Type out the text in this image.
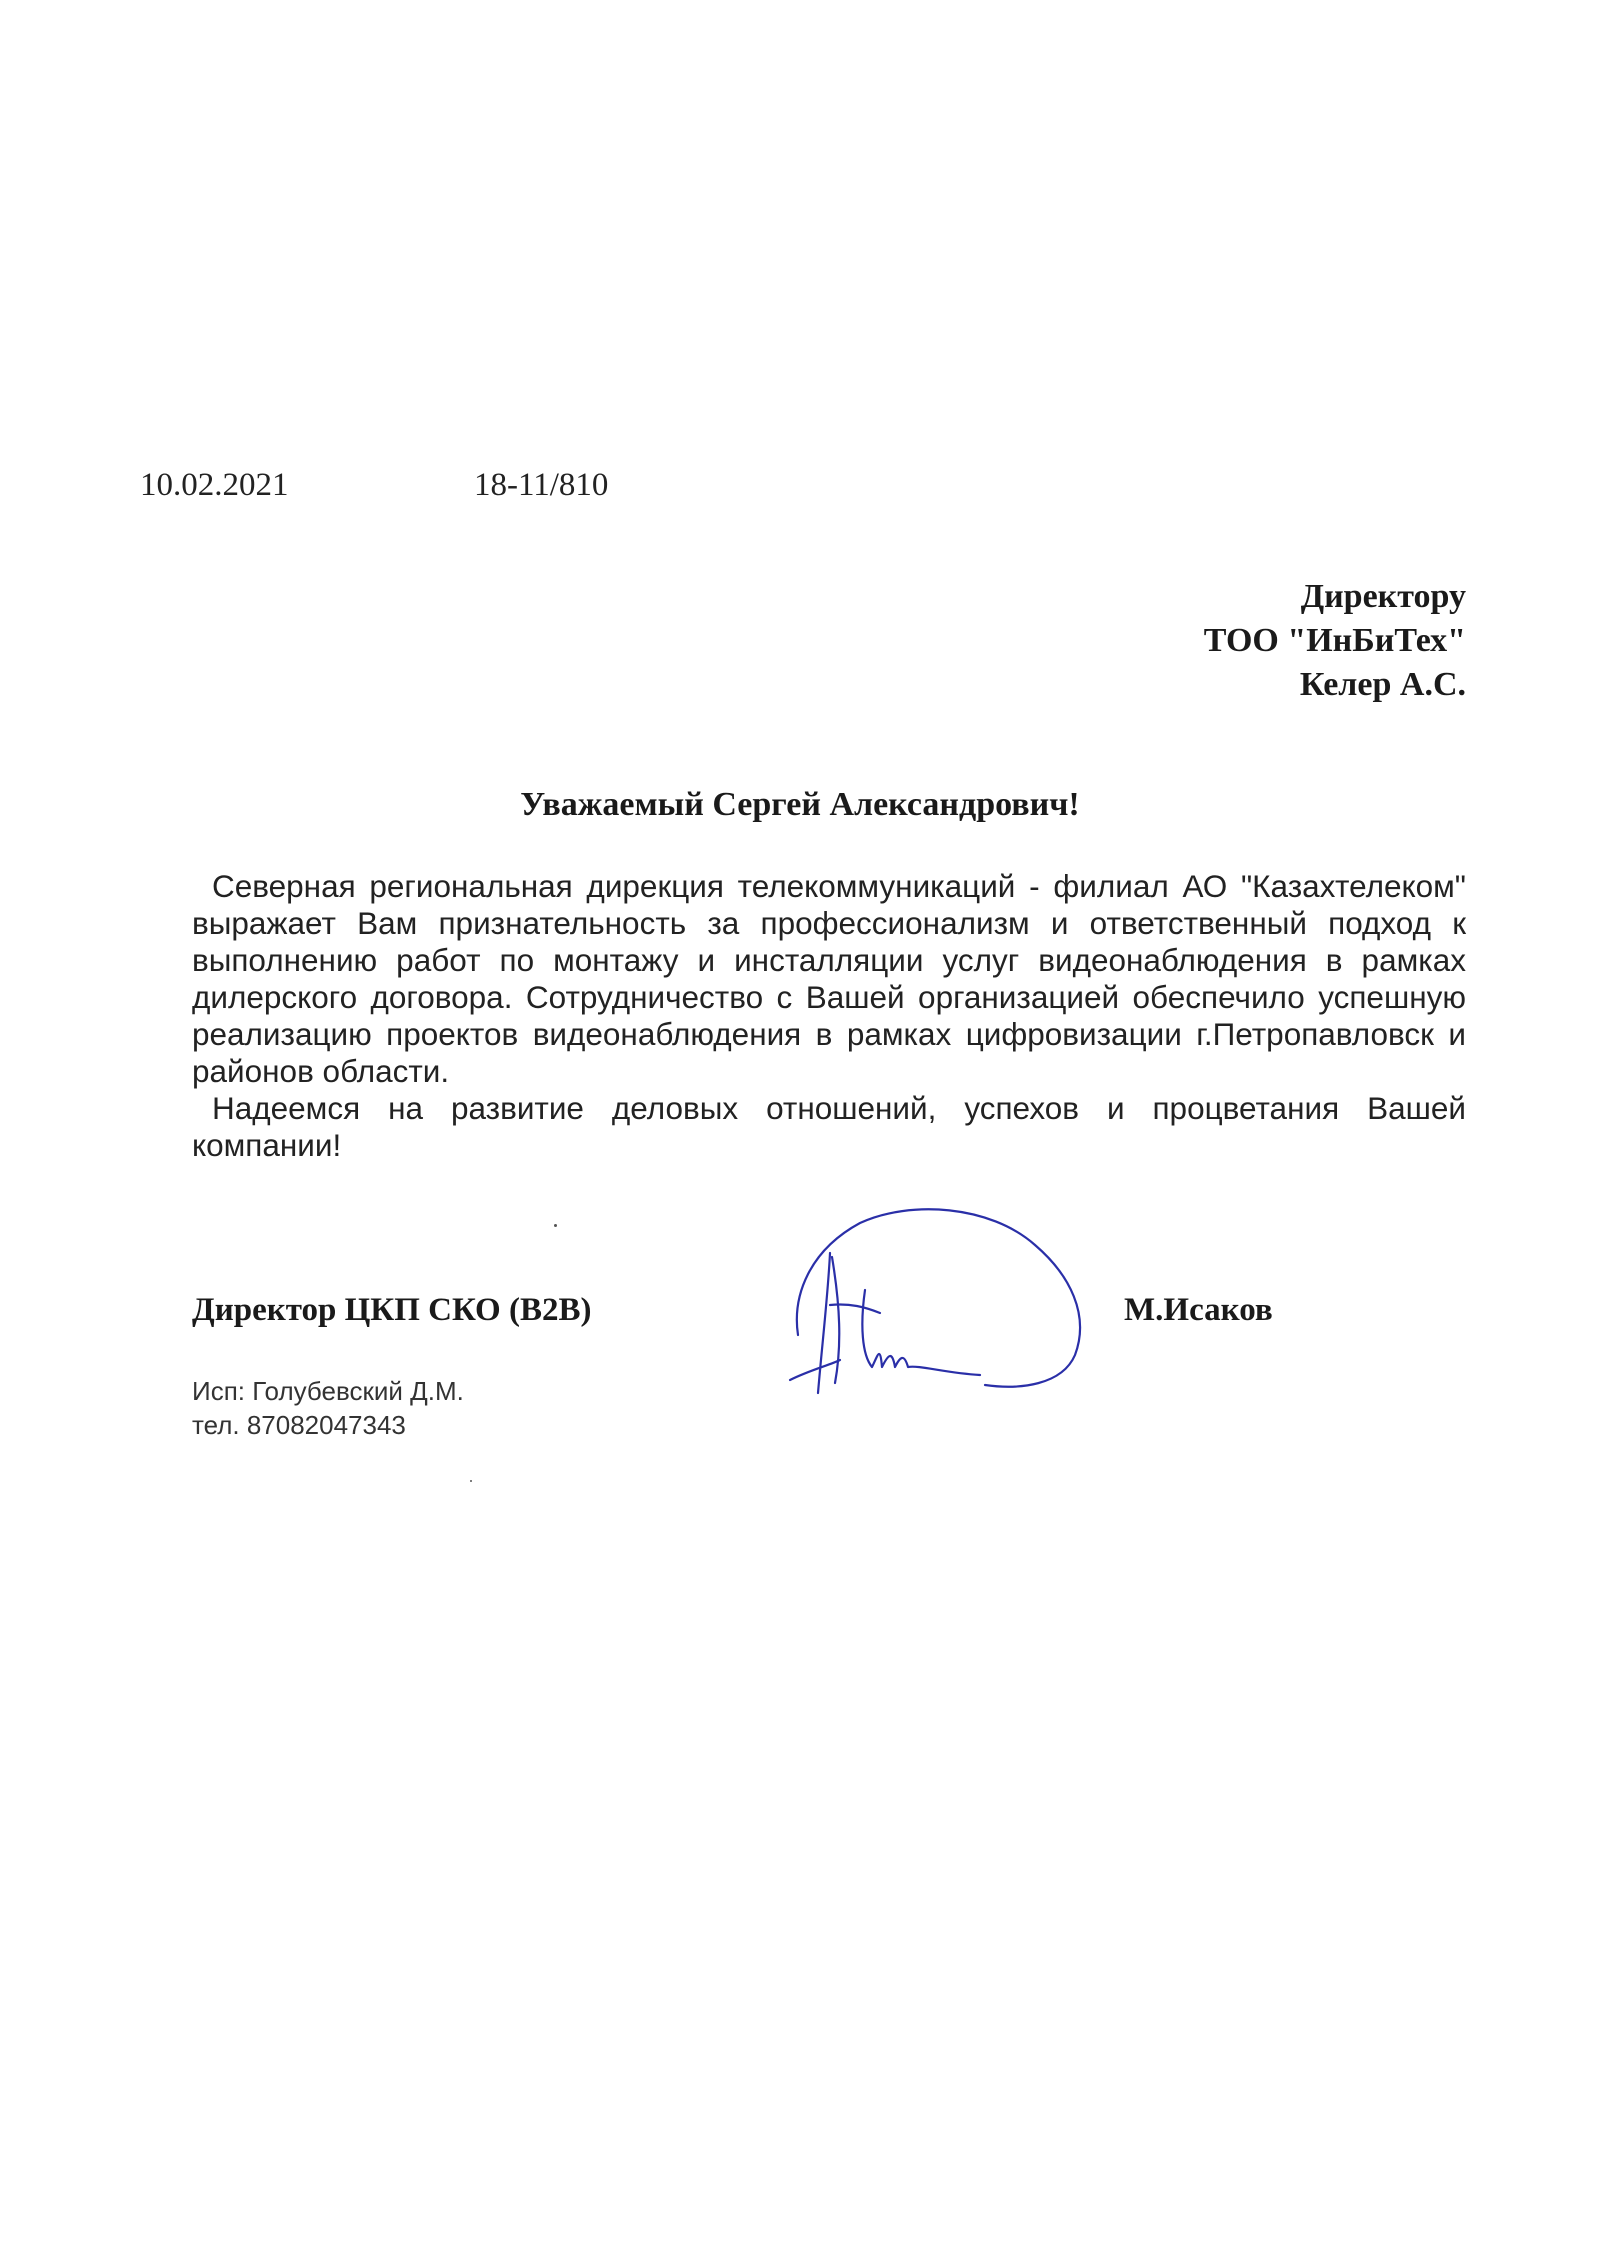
10.02.2021	18-11/810
Директору
ТОО "ИнБиТех"
Келер А.С.
Уважаемый Сергей Александрович!

Северная региональная дирекция телекоммуникаций - филиал АО "Казахтелеком" выражает Вам признательность за профессионализм и ответственный подход к выполнению работ по монтажу и инсталляции услуг видеонаблюдения в рамках дилерского договора. Сотрудничество с Вашей организацией обеспечило успешную реализацию проектов видеонаблюдения в рамках цифровизации г.Петропавловск и районов области.

Надеемся на развитие деловых отношений, успехов и процветания Вашей компании!

Директор ЦКП СКО (B2B)	М.Исаков
Исп: Голубевский Д.М.
тел. 87082047343
